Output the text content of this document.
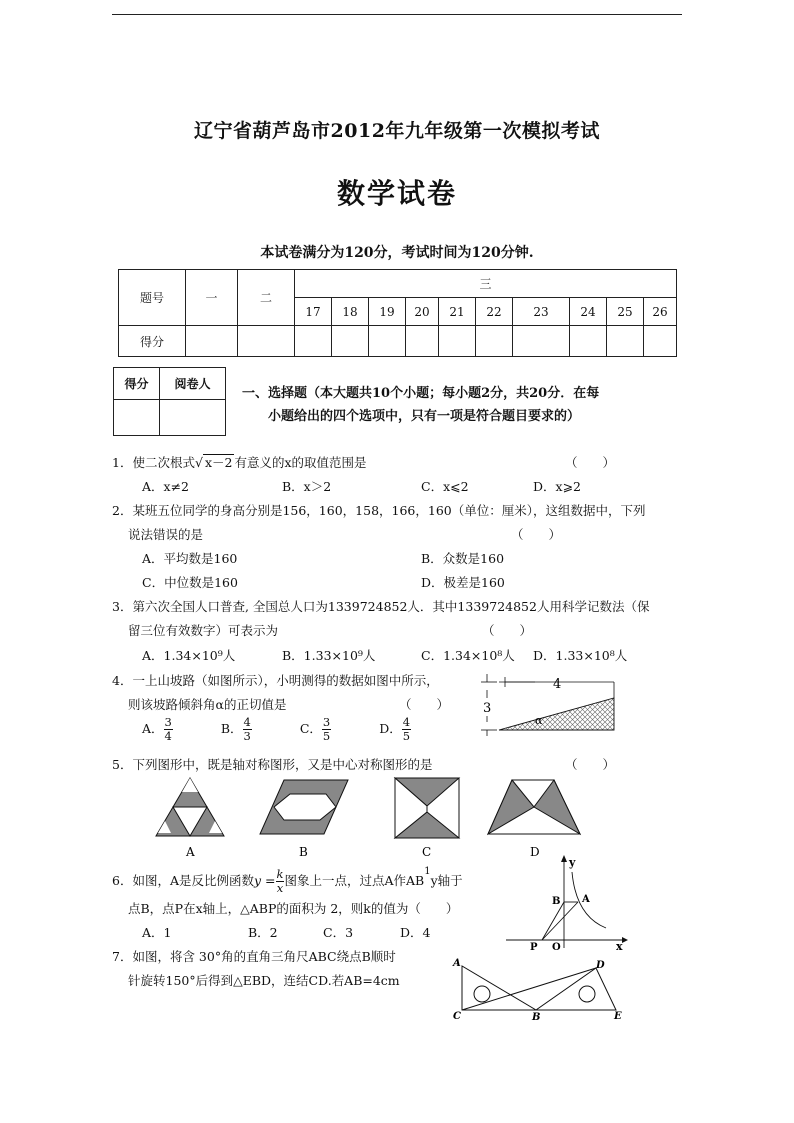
辽宁省葫芦岛市2012年九年级第一次模拟考试
数学试卷
本试卷满分为120分，考试时间为120分钟.
题号	一	二	三									
			17	18	19	20	21	22	23	24	25	26
得分												
得分	阅卷人

一、选择题（本大题共10个小题；每小题2分，共20分．在每
小题给出的四个选项中，只有一项是符合题目要求的）
1．使二次根式√ x－2 有意义的x的取值范围是	（　　）
A．x≠2	B．x＞2	C．x⩽2	D．x⩾2
2．某班五位同学的身高分别是156，160，158，166，160（单位：厘米），这组数据中，下列
说法错误的是	（　　）
A．平均数是160	B．众数是160
C．中位数是160	D．极差是160
3．第六次全国人口普查, 全国总人口为1339724852人．其中1339724852人用科学记数法（保
留三位有效数字）可表示为	（　　）
A．1.34×10⁹人	B．1.33×10⁹人	C．1.34×10⁸人 D．1.33×10⁸人
4．一上山坡路（如图所示），小明测得的数据如图中所示，
则该坡路倾斜角α的正切值是	（　　）
A． $\frac{3}{4}$	B． $\frac{4}{3}$	C． $\frac{3}{5}$	D． $\frac{4}{5}$
4
3
α
5．下列图形中，既是轴对称图形，又是中心对称图形的是	（　　）
A	B	C	D
6．如图，A是反比例函数$y = \frac{k}{x}$ 图象上一点，过点A作$AB^1y$轴于
点B，点P在x轴上，△ABP的面积为 2，则k的值为（　　）
A．1	B．2	C．3	D．4
y
x
A
B
P O
7．如图，将含 30°角的直角三角尺ABC绕点B顺时
针旋转150°后得到△EBD，连结CD.若AB=4cm
A
C	B
D
E
